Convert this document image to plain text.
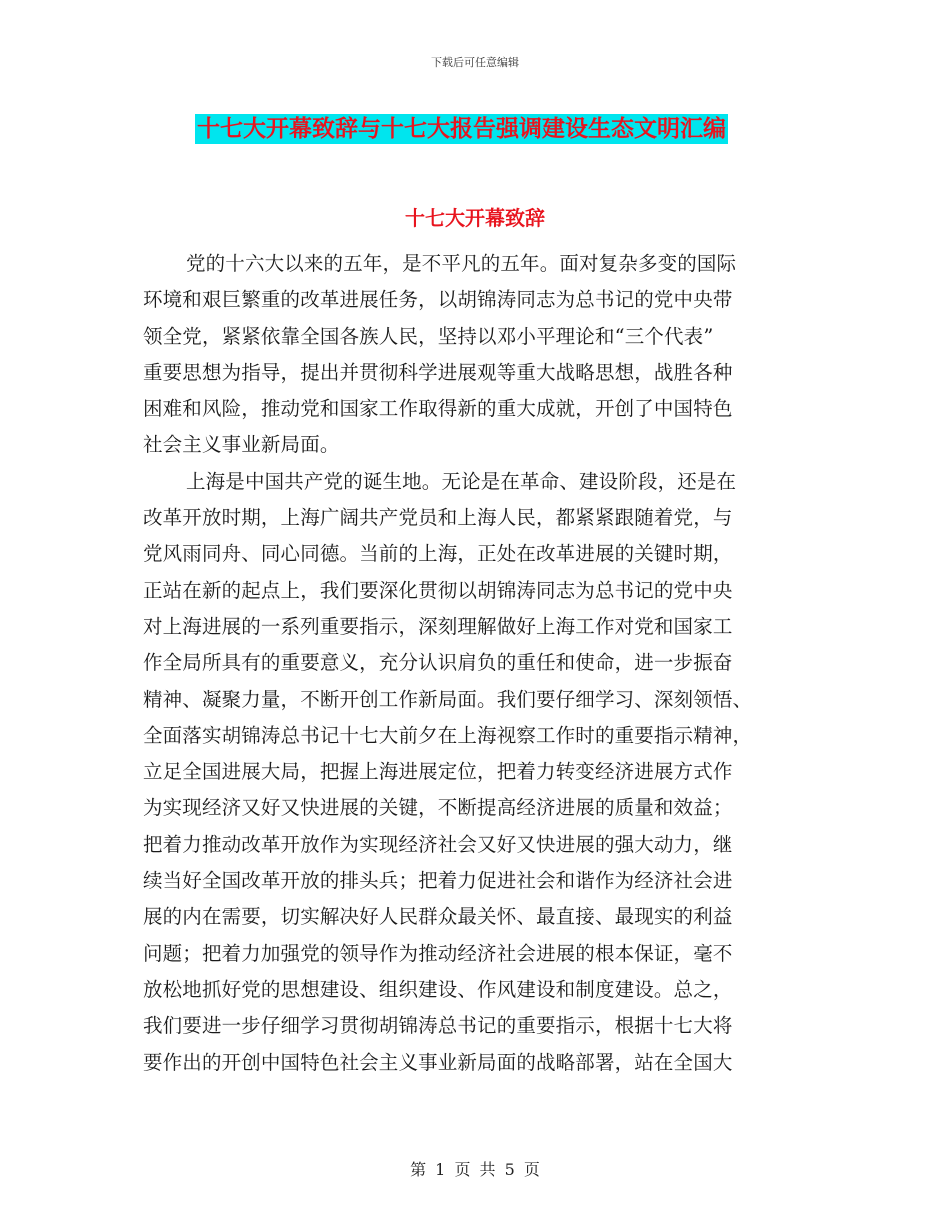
下载后可任意编辑
十七大开幕致辞与十七大报告强调建设生态文明汇编
十七大开幕致辞
党的十六大以来的五年，是不平凡的五年。面对复杂多变的国际
环境和艰巨繁重的改革进展任务，以胡锦涛同志为总书记的党中央带
领全党，紧紧依靠全国各族人民，坚持以邓小平理论和“三个代表”
重要思想为指导，提出并贯彻科学进展观等重大战略思想，战胜各种
困难和风险，推动党和国家工作取得新的重大成就，开创了中国特色
社会主义事业新局面。
上海是中国共产党的诞生地。无论是在革命、建设阶段，还是在
改革开放时期，上海广阔共产党员和上海人民，都紧紧跟随着党，与
党风雨同舟、同心同德。当前的上海，正处在改革进展的关键时期，
正站在新的起点上，我们要深化贯彻以胡锦涛同志为总书记的党中央
对上海进展的一系列重要指示，深刻理解做好上海工作对党和国家工
作全局所具有的重要意义，充分认识肩负的重任和使命，进一步振奋
精神、凝聚力量，不断开创工作新局面。我们要仔细学习、深刻领悟、
全面落实胡锦涛总书记十七大前夕在上海视察工作时的重要指示精神，
立足全国进展大局，把握上海进展定位，把着力转变经济进展方式作
为实现经济又好又快进展的关键，不断提高经济进展的质量和效益；
把着力推动改革开放作为实现经济社会又好又快进展的强大动力，继
续当好全国改革开放的排头兵；把着力促进社会和谐作为经济社会进
展的内在需要，切实解决好人民群众最关怀、最直接、最现实的利益
问题；把着力加强党的领导作为推动经济社会进展的根本保证，毫不
放松地抓好党的思想建设、组织建设、作风建设和制度建设。总之，
我们要进一步仔细学习贯彻胡锦涛总书记的重要指示，根据十七大将
要作出的开创中国特色社会主义事业新局面的战略部署，站在全国大
第 1 页 共 5 页
